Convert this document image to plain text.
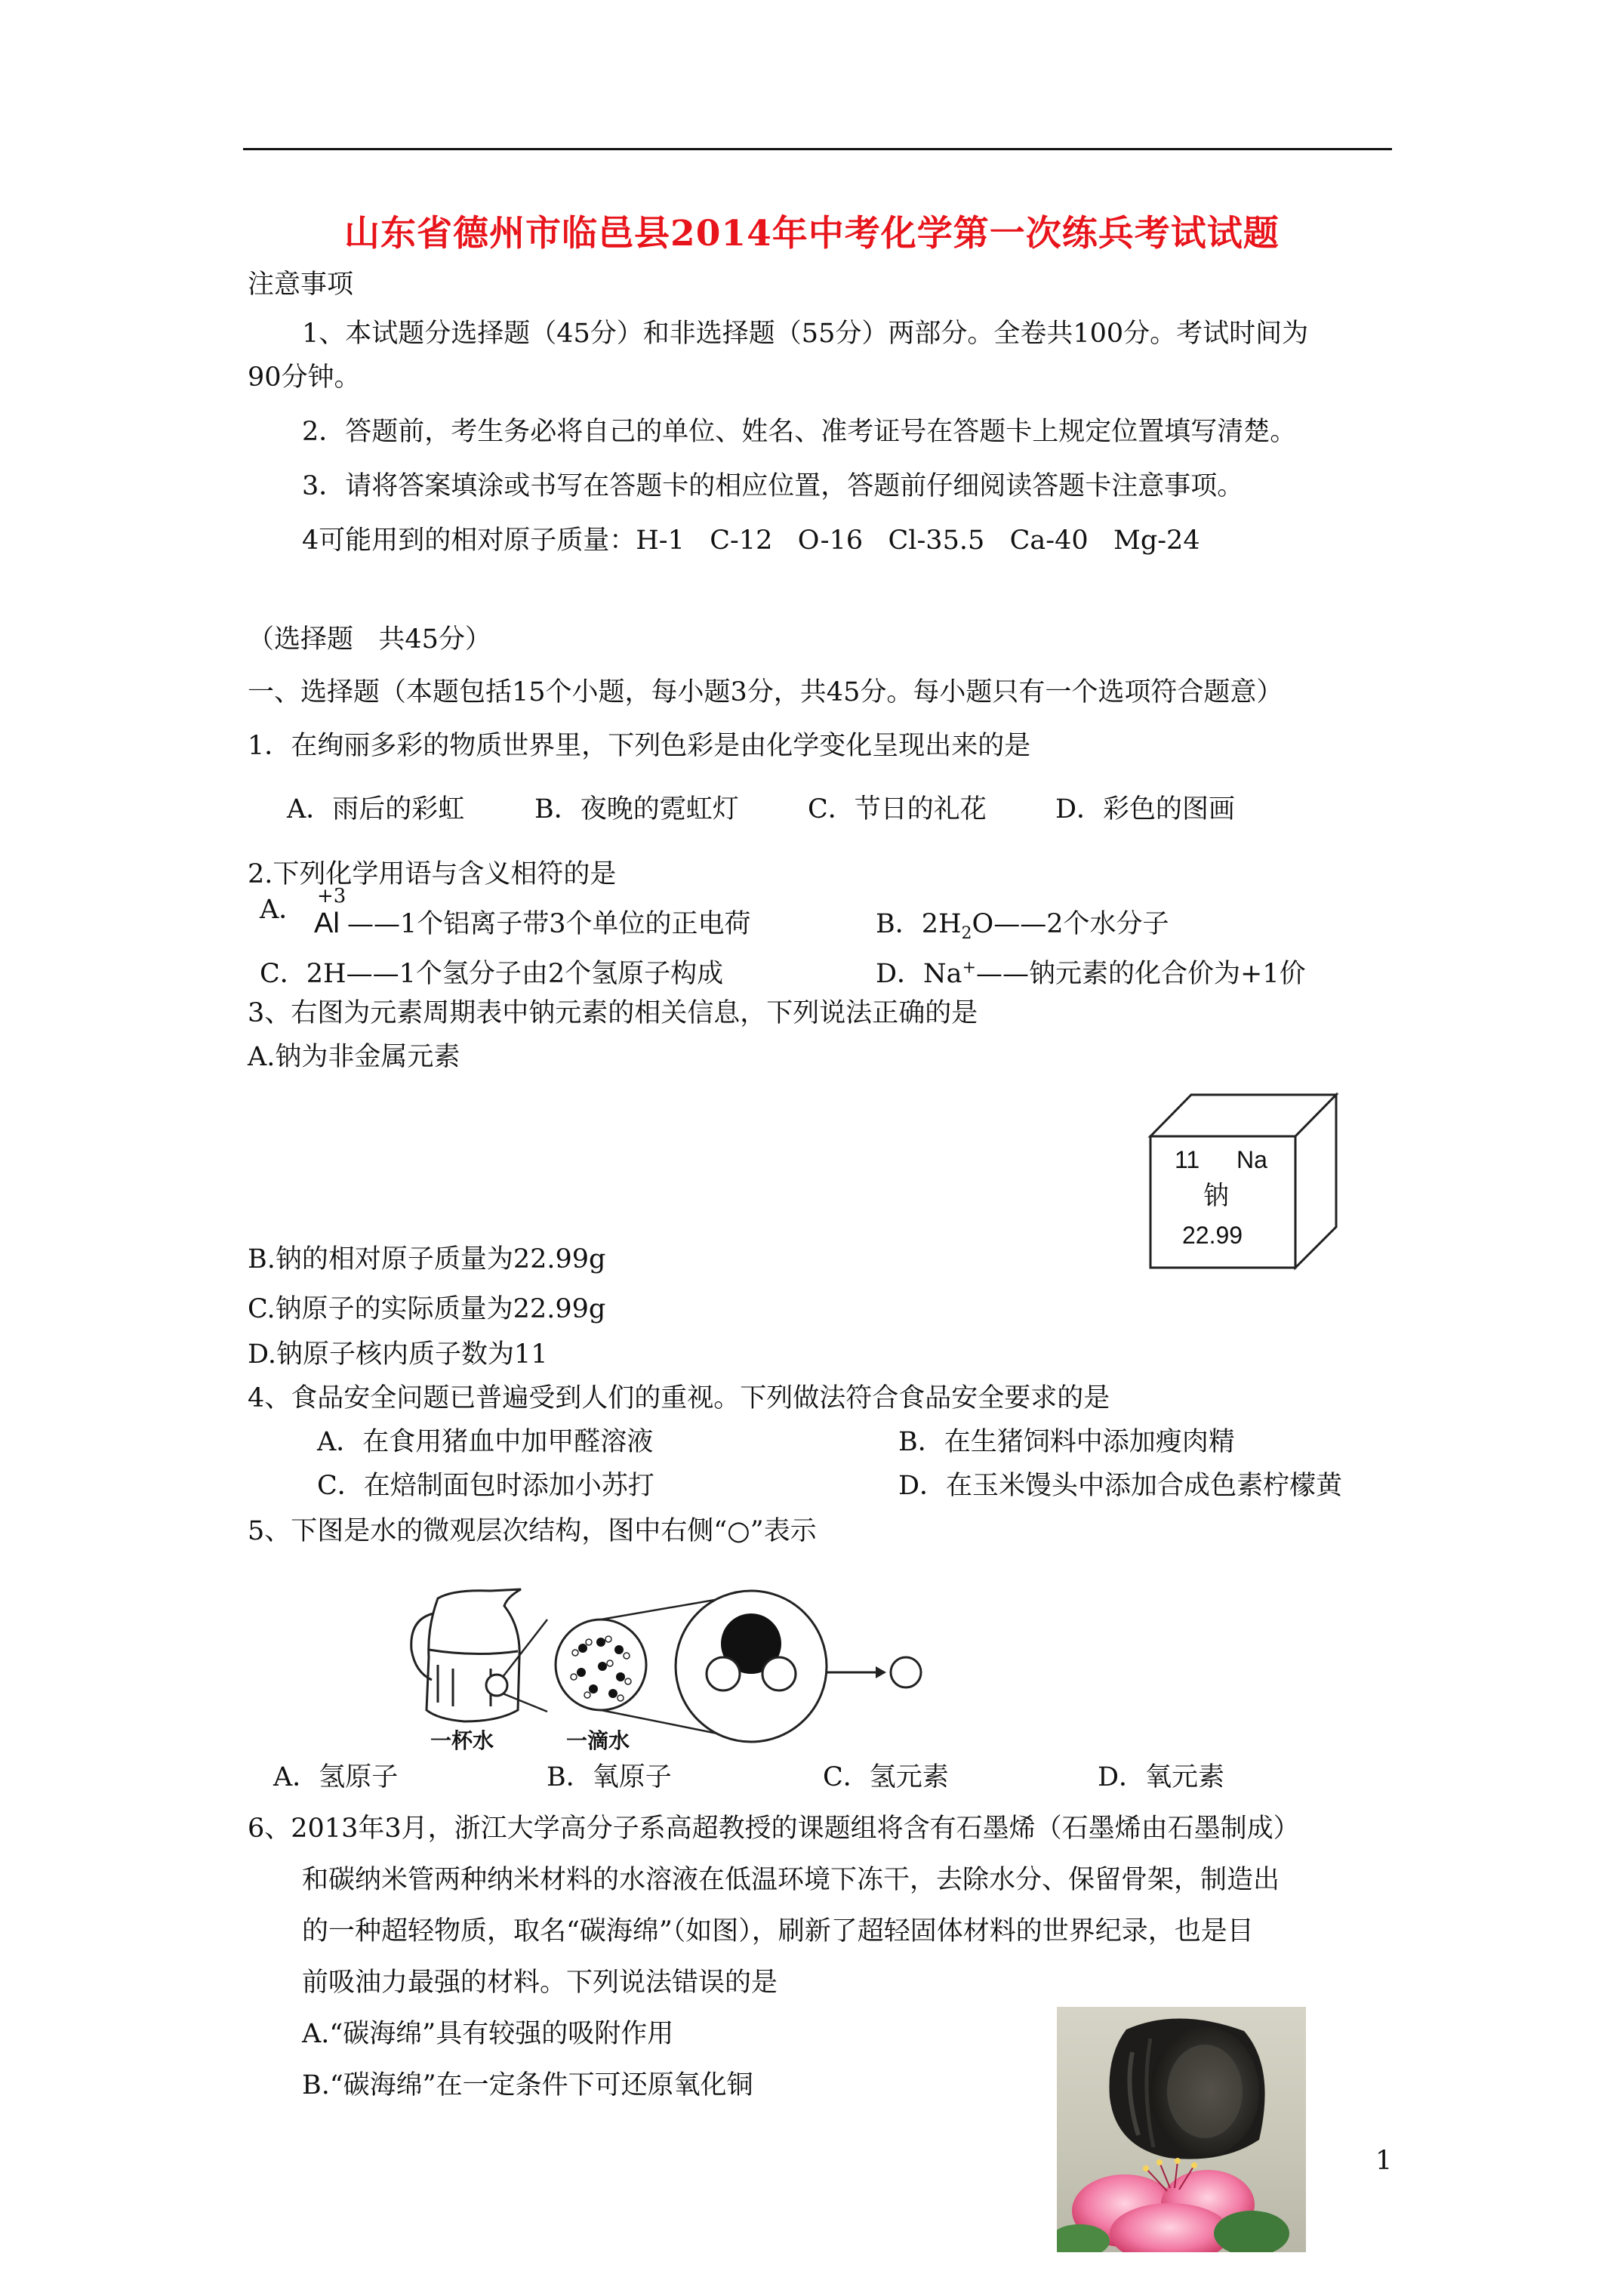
山东省德州市临邑县2014年中考化学第一次练兵考试试题
注意事项
1、本试题分选择题（45分）和非选择题（55分）两部分。全卷共100分。考试时间为
90分钟。
2．答题前，考生务必将自己的单位、姓名、准考证号在答题卡上规定位置填写清楚。
3．请将答案填涂或书写在答题卡的相应位置，答题前仔细阅读答题卡注意事项。
4可能用到的相对原子质量：H-1   C-12   O-16   Cl-35.5   Ca-40   Mg-24
（选择题   共45分）
一、选择题（本题包括15个小题，每小题3分，共45分。每小题只有一个选项符合题意）
1．在绚丽多彩的物质世界里，下列色彩是由化学变化呈现出来的是
A．雨后的彩虹	B．夜晚的霓虹灯	C．节日的礼花	D．彩色的图画
2.下列化学用语与含义相符的是
A． +3
Al ——1个铝离子带3个单位的正电荷	B．$2H_2O——2$个水分子
C．2H——1个氢分子由2个氢原子构成	D．Na+——钠元素的化合价为+1价
3、右图为元素周期表中钠元素的相关信息，下列说法正确的是
A.钠为非金属元素
11 Na
钠
22.99
B.钠的相对原子质量为22.99g
C.钠原子的实际质量为22.99g
D.钠原子核内质子数为11
4、食品安全问题已普遍受到人们的重视。下列做法符合食品安全要求的是
A．在食用猪血中加甲醛溶液	B．在生猪饲料中添加瘦肉精
C．在焙制面包时添加小苏打	D．在玉米馒头中添加合成色素柠檬黄
5、下图是水的微观层次结构，图中右侧“○”表示
一杯水	一滴水
A．氢原子	B．氧原子	C．氢元素	D．氧元素
6、2013年3月，浙江大学高分子系高超教授的课题组将含有石墨烯（石墨烯由石墨制成）
和碳纳米管两种纳米材料的水溶液在低温环境下冻干，去除水分、保留骨架，制造出
的一种超轻物质，取名“碳海绵”（如图），刷新了超轻固体材料的世界纪录，也是目
前吸油力最强的材料。下列说法错误的是
A.“碳海绵”具有较强的吸附作用
B.“碳海绵”在一定条件下可还原氧化铜
1
